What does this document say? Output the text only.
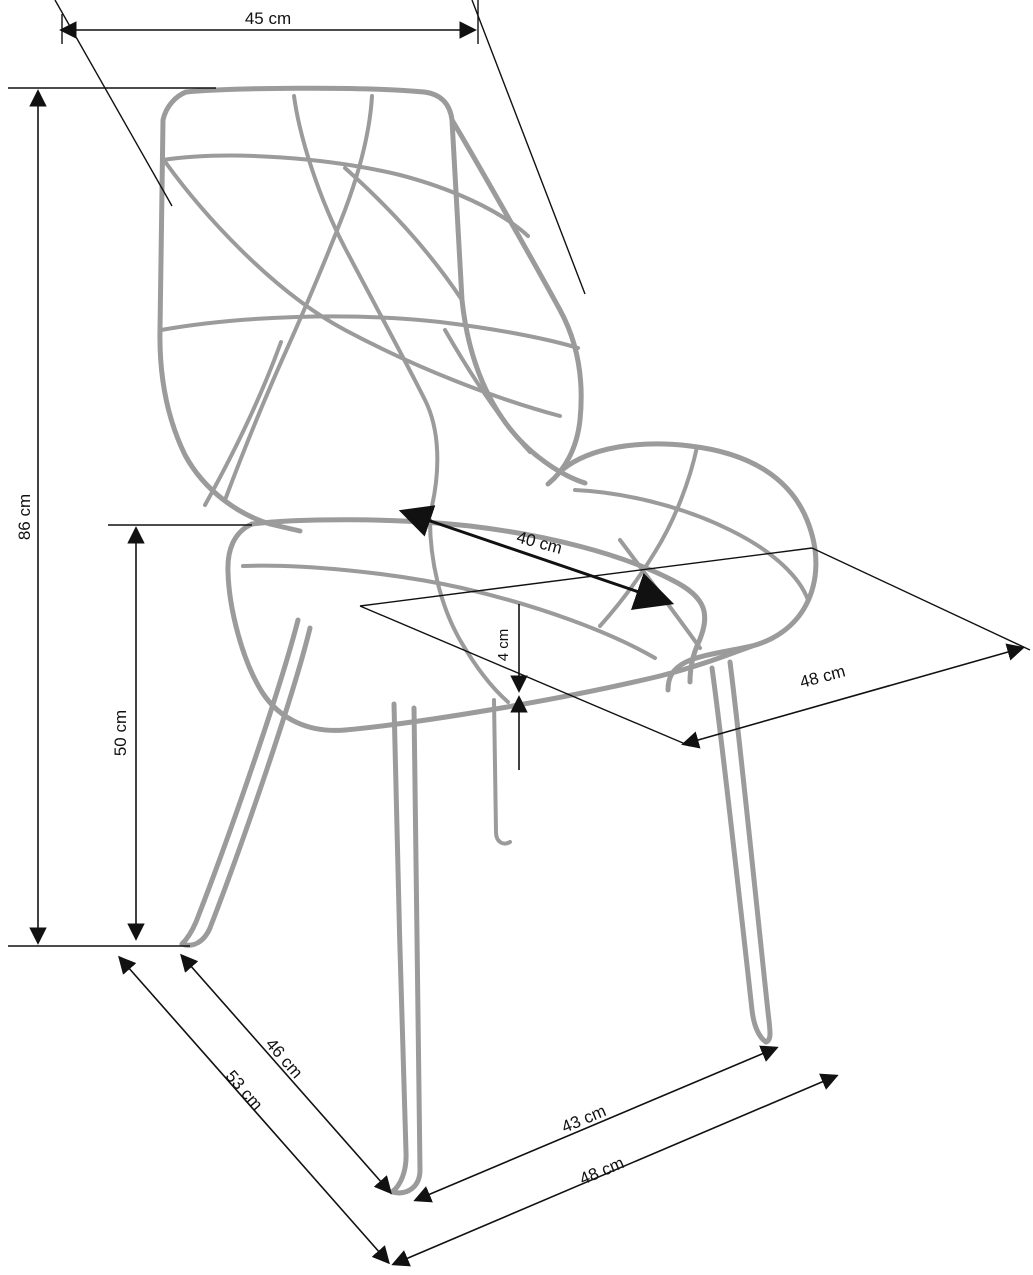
45 cm
86 cm
50 cm
40 cm
48 cm
4 cm
46 cm
53 cm
43 cm
48 cm
